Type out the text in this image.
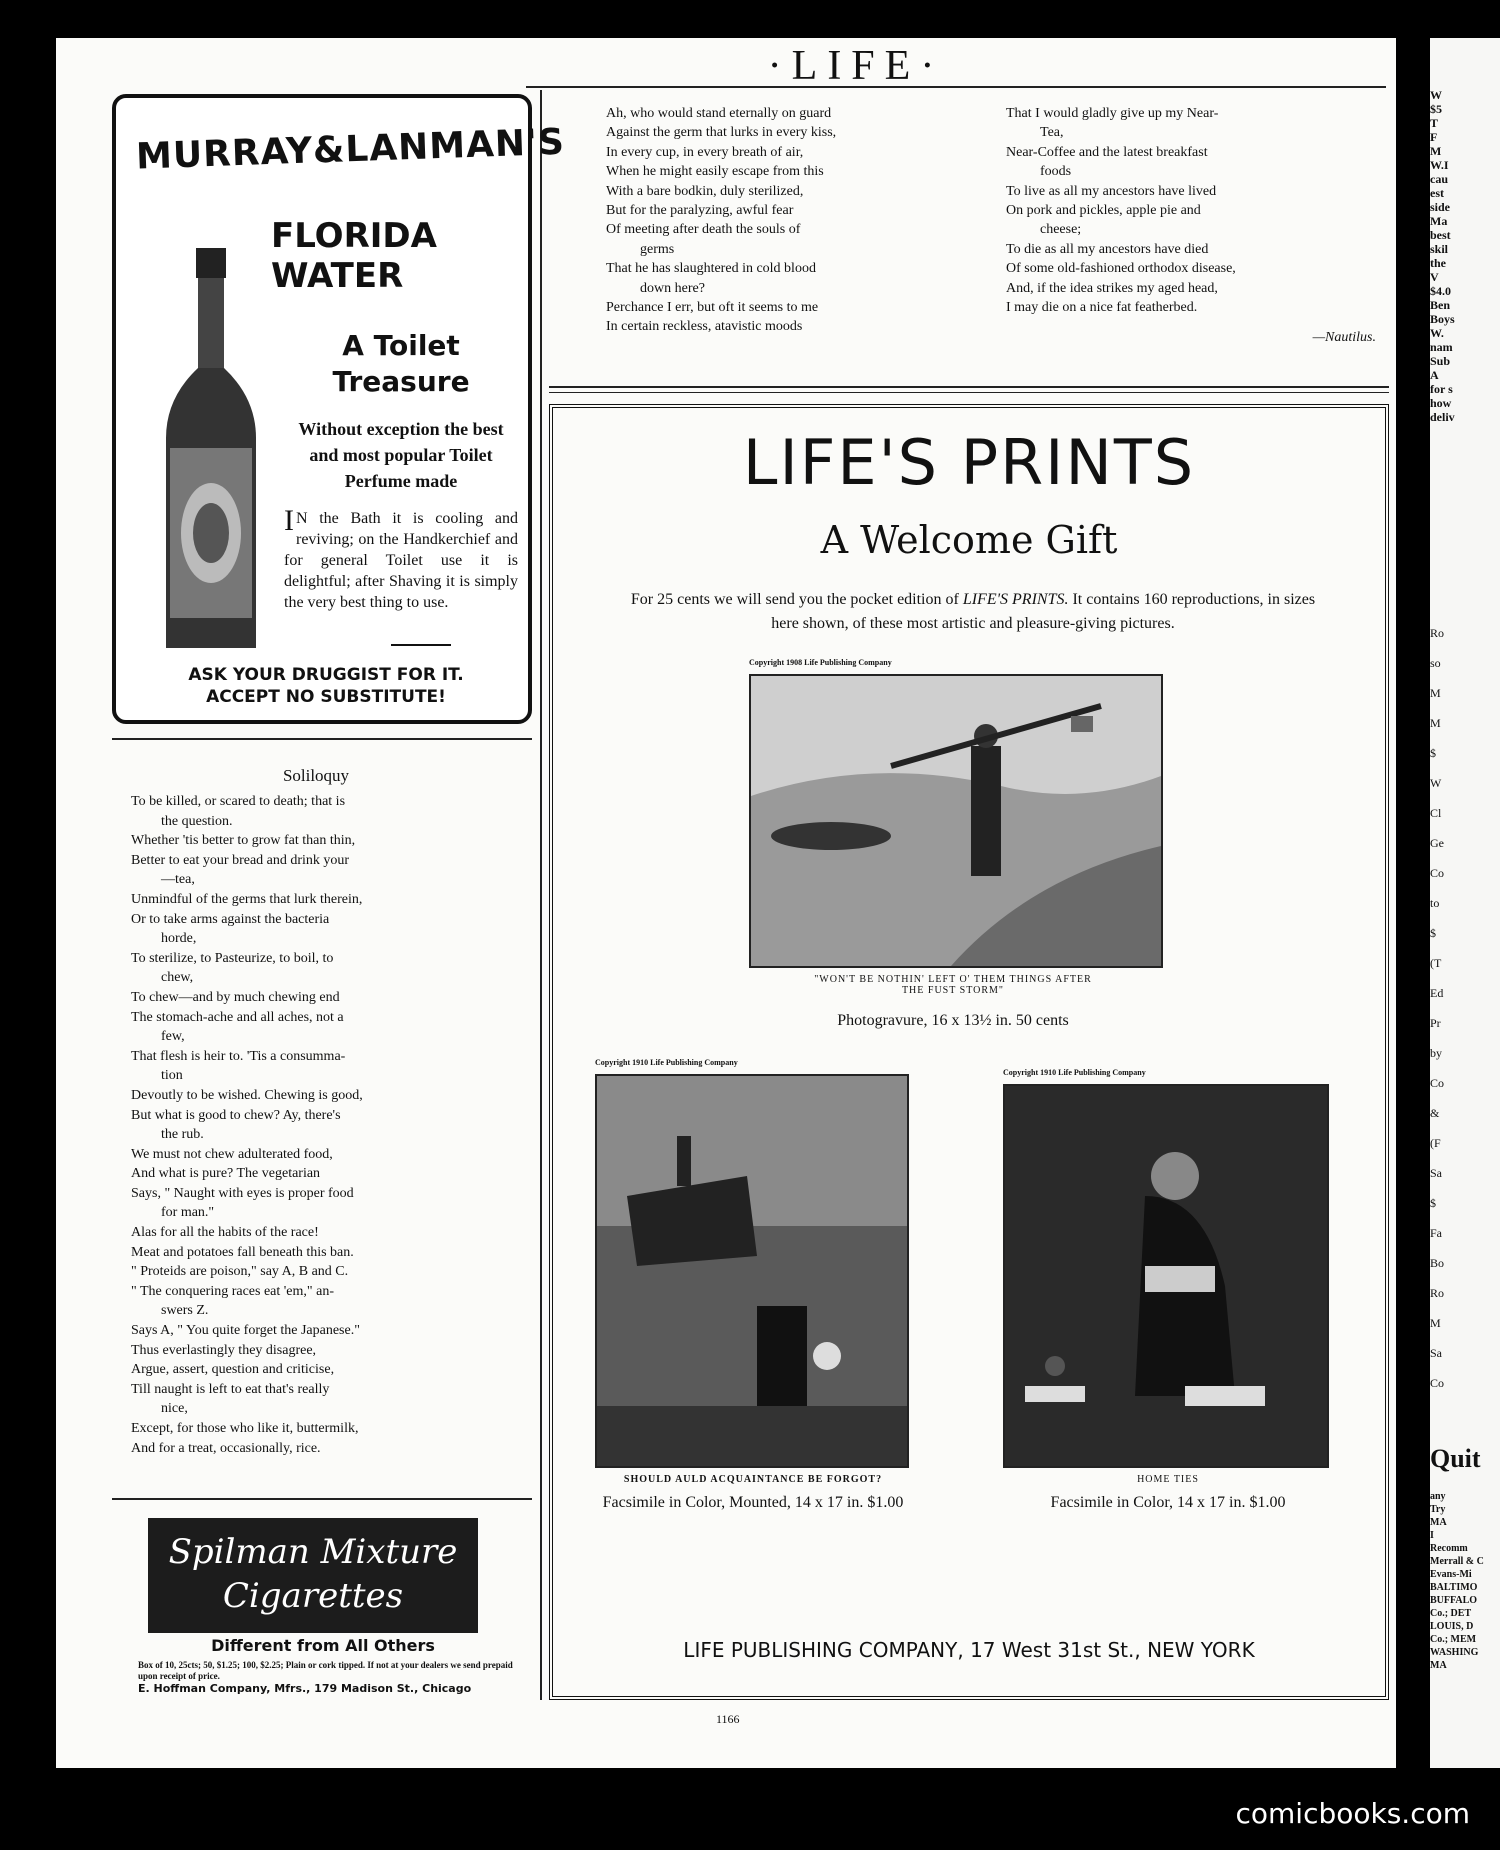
·LIFE·
MURRAY&LANMAN'S
FLORIDA
WATER
A Toilet
Treasure
Without exception the best and most popular Toilet Perfume made
I N the Bath it is cooling and reviving; on the Handkerchief and for general Toilet use it is delightful; after Shaving it is simply the very best thing to use.
ASK YOUR DRUGGIST FOR IT.
ACCEPT NO SUBSTITUTE!
Soliloquy
To be killed, or scared to death; that is
the question.
Whether 'tis better to grow fat than thin,
Better to eat your bread and drink your
—tea,
Unmindful of the germs that lurk therein,
Or to take arms against the bacteria
horde,
To sterilize, to Pasteurize, to boil, to
chew,
To chew—and by much chewing end
The stomach-ache and all aches, not a
few,
That flesh is heir to. 'Tis a consumma-
tion
Devoutly to be wished. Chewing is good,
But what is good to chew? Ay, there's
the rub.
We must not chew adulterated food,
And what is pure? The vegetarian
Says, " Naught with eyes is proper food
for man."
Alas for all the habits of the race!
Meat and potatoes fall beneath this ban.
" Proteids are poison," say A, B and C.
" The conquering races eat 'em," an-
swers Z.
Says A, " You quite forget the Japanese."
Thus everlastingly they disagree,
Argue, assert, question and criticise,
Till naught is left to eat that's really
nice,
Except, for those who like it, buttermilk,
And for a treat, occasionally, rice.
Spilman Mixture
Cigarettes
Different from All Others
Box of 10, 25cts; 50, $1.25; 100, $2.25; Plain or cork tipped. If not at your dealers we send prepaid upon receipt of price.
E. Hoffman Company, Mfrs., 179 Madison St., Chicago
Ah, who would stand eternally on guard
Against the germ that lurks in every kiss,
In every cup, in every breath of air,
When he might easily escape from this
With a bare bodkin, duly sterilized,
But for the paralyzing, awful fear
Of meeting after death the souls of
germs
That he has slaughtered in cold blood
down here?
Perchance I err, but oft it seems to me
In certain reckless, atavistic moods
That I would gladly give up my Near-
Tea,
Near-Coffee and the latest breakfast
foods
To live as all my ancestors have lived
On pork and pickles, apple pie and
cheese;
To die as all my ancestors have died
Of some old-fashioned orthodox disease,
And, if the idea strikes my aged head,
I may die on a nice fat featherbed.
—Nautilus.
LIFE'S PRINTS
A Welcome Gift
For 25 cents we will send you the pocket edition of LIFE'S PRINTS. It contains 160 reproductions, in sizes here shown, of these most artistic and pleasure-giving pictures.
Copyright 1908 Life Publishing Company
"WON'T BE NOTHIN' LEFT O' THEM THINGS AFTER
THE FUST STORM"
Photogravure, 16 x 13½ in. 50 cents
Copyright 1910 Life Publishing Company
SHOULD AULD ACQUAINTANCE BE FORGOT?
Facsimile in Color, Mounted, 14 x 17 in. $1.00
Copyright 1910 Life Publishing Company
HOME TIES
Facsimile in Color, 14 x 17 in. $1.00
LIFE PUBLISHING COMPANY, 17 West 31st St., NEW YORK
1166
W
$5
T
F
M
W.I
cau
est
side
Ma
best
skil
the
V
$4.0
Ben
Boys
W.
nam
Sub
A
for s
how
deliv
Ro
so
M
M
$
W
Cl
Ge
Co
to
$
(T
Ed
Pr
by
Co
&
(F
Sa
$
Fa
Bo
Ro
M
Sa
Co
Quit
any
Try
MA
I
Recomm
Merrall & C
Evans-Mi
BALTIMO
BUFFALO
Co.; DET
LOUIS, D
Co.; MEM
WASHING
MA
comicbooks.com
